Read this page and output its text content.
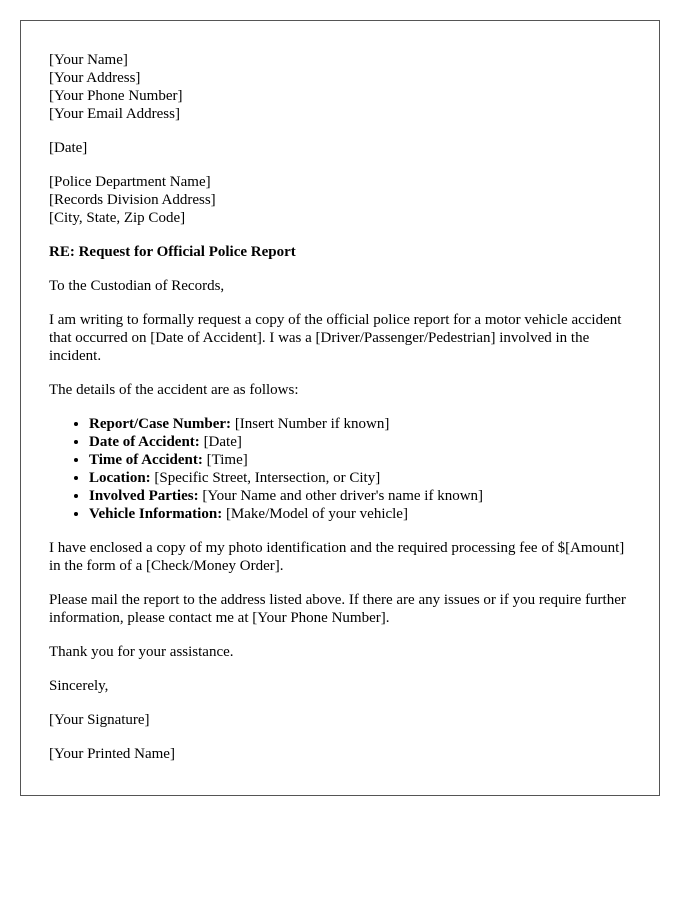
[Your Name]
[Your Address]
[Your Phone Number]
[Your Email Address]
[Date]
[Police Department Name]
[Records Division Address]
[City, State, Zip Code]

RE: Request for Official Police Report

To the Custodian of Records,

I am writing to formally request a copy of the official police report for a motor vehicle accident that occurred on [Date of Accident]. I was a [Driver/Passenger/Pedestrian] involved in the incident.

The details of the accident are as follows:

• Report/Case Number: [Insert Number if known]
• Date of Accident: [Date]
• Time of Accident: [Time]
• Location: [Specific Street, Intersection, or City]
• Involved Parties: [Your Name and other driver's name if known]
• Vehicle Information: [Make/Model of your vehicle]

I have enclosed a copy of my photo identification and the required processing fee of $[Amount] in the form of a [Check/Money Order].

Please mail the report to the address listed above. If there are any issues or if you require further information, please contact me at [Your Phone Number].

Thank you for your assistance.

Sincerely,

[Your Signature]

[Your Printed Name]
